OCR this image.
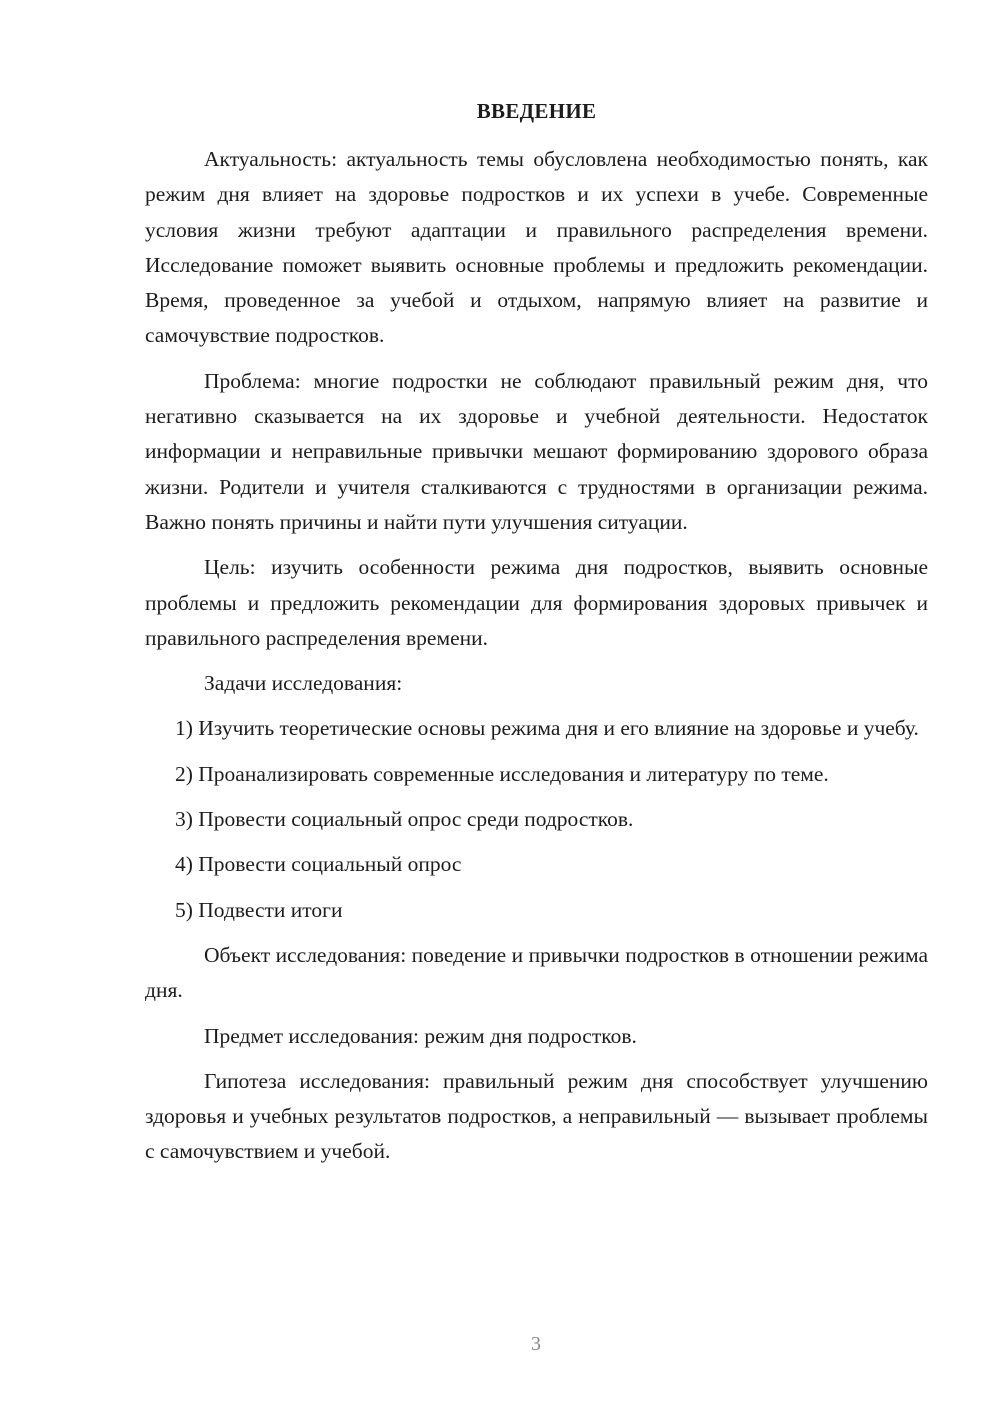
ВВЕДЕНИЕ

Актуальность: актуальность темы обусловлена необходимостью понять, как режим дня влияет на здоровье подростков и их успехи в учебе. Современные условия жизни требуют адаптации и правильного распределения времени. Исследование поможет выявить основные проблемы и предложить рекомендации. Время, проведенное за учебой и отдыхом, напрямую влияет на развитие и самочувствие подростков.

Проблема: многие подростки не соблюдают правильный режим дня, что негативно сказывается на их здоровье и учебной деятельности. Недостаток информации и неправильные привычки мешают формированию здорового образа жизни. Родители и учителя сталкиваются с трудностями в организации режима. Важно понять причины и найти пути улучшения ситуации.

Цель: изучить особенности режима дня подростков, выявить основные проблемы и предложить рекомендации для формирования здоровых привычек и правильного распределения времени.

Задачи исследования:

1) Изучить теоретические основы режима дня и его влияние на здоровье и учебу.

2) Проанализировать современные исследования и литературу по теме.

3) Провести социальный опрос среди подростков.

4) Провести социальный опрос

5) Подвести итоги

Объект исследования: поведение и привычки подростков в отношении режима дня.

Предмет исследования: режим дня подростков.

Гипотеза исследования: правильный режим дня способствует улучшению здоровья и учебных результатов подростков, а неправильный — вызывает проблемы с самочувствием и учебой.

3
